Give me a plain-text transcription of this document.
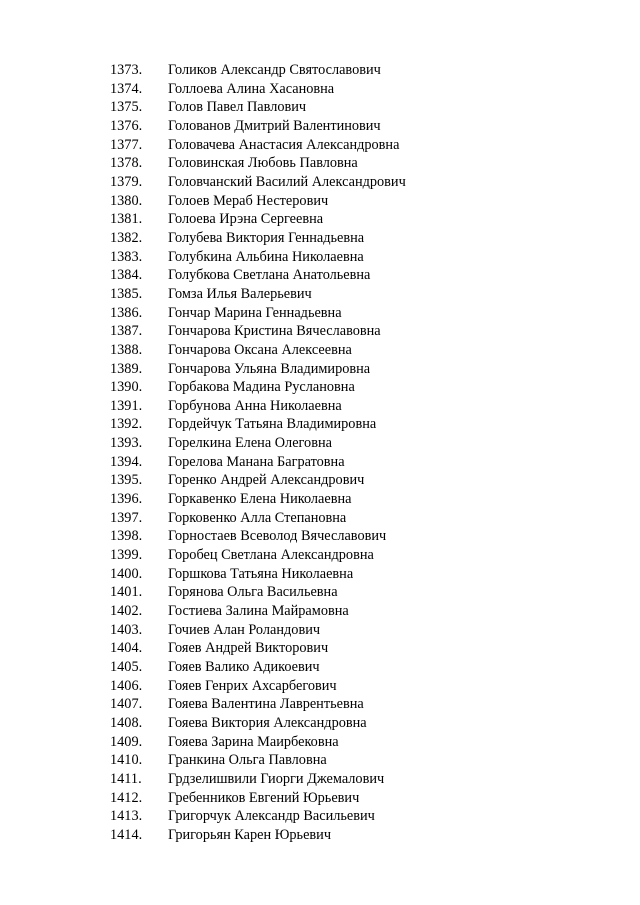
1373.	Голиков Александр Святославович
1374.	Голлоева Алина Хасановна
1375.	Голов Павел Павлович
1376.	Голованов Дмитрий Валентинович
1377.	Головачева Анастасия Александровна
1378.	Головинская Любовь Павловна
1379.	Головчанский Василий Александрович
1380.	Голоев Мераб Нестерович
1381.	Голоева Ирэна Сергеевна
1382.	Голубева Виктория Геннадьевна
1383.	Голубкина Альбина Николаевна
1384.	Голубкова Светлана Анатольевна
1385.	Гомза Илья Валерьевич
1386.	Гончар Марина Геннадьевна
1387.	Гончарова Кристина Вячеславовна
1388.	Гончарова Оксана Алексеевна
1389.	Гончарова Ульяна Владимировна
1390.	Горбакова Мадина Руслановна
1391.	Горбунова Анна Николаевна
1392.	Гордейчук Татьяна Владимировна
1393.	Горелкина Елена Олеговна
1394.	Горелова Манана Багратовна
1395.	Горенко Андрей Александрович
1396.	Горкавенко Елена Николаевна
1397.	Горковенко Алла Степановна
1398.	Горностаев Всеволод Вячеславович
1399.	Горобец Светлана Александровна
1400.	Горшкова Татьяна Николаевна
1401.	Горянова Ольга Васильевна
1402.	Гостиева Залина Майрамовна
1403.	Гочиев Алан Роландович
1404.	Гояев Андрей Викторович
1405.	Гояев Валико Адикоевич
1406.	Гояев Генрих Ахсарбегович
1407.	Гояева Валентина Лаврентьевна
1408.	Гояева Виктория Александровна
1409.	Гояева Зарина Маирбековна
1410.	Гранкина Ольга Павловна
1411.	Грдзелишвили Гиорги Джемалович
1412.	Гребенников Евгений Юрьевич
1413.	Григорчук Александр Васильевич
1414.	Григорьян Карен Юрьевич
